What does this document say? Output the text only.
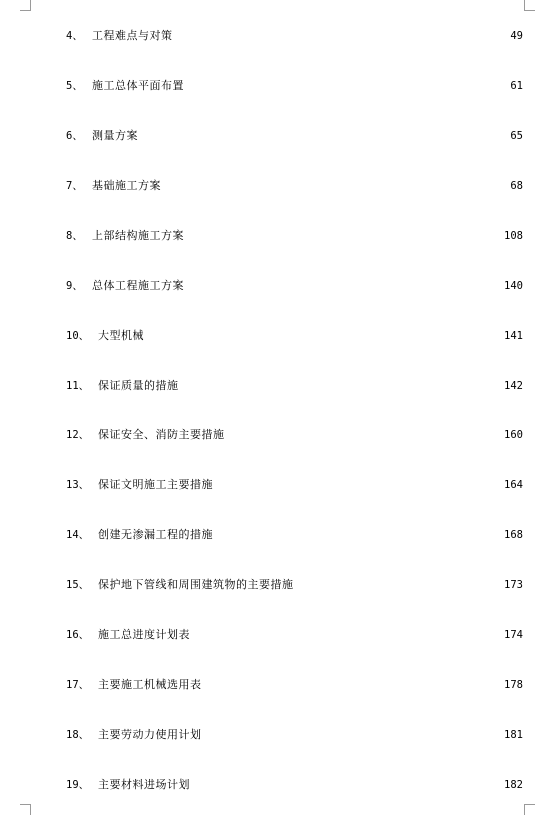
4、 工程难点与对策	49
5、 施工总体平面布置	61
6、 测量方案	65
7、 基础施工方案	68
8、 上部结构施工方案	108
9、 总体工程施工方案	140
10、 大型机械	141
11、 保证质量的措施	142
12、 保证安全、消防主要措施	160
13、 保证文明施工主要措施	164
14、 创建无渗漏工程的措施	168
15、 保护地下管线和周围建筑物的主要措施	173
16、 施工总进度计划表	174
17、 主要施工机械选用表	178
18、 主要劳动力使用计划	181
19、 主要材料进场计划	182
